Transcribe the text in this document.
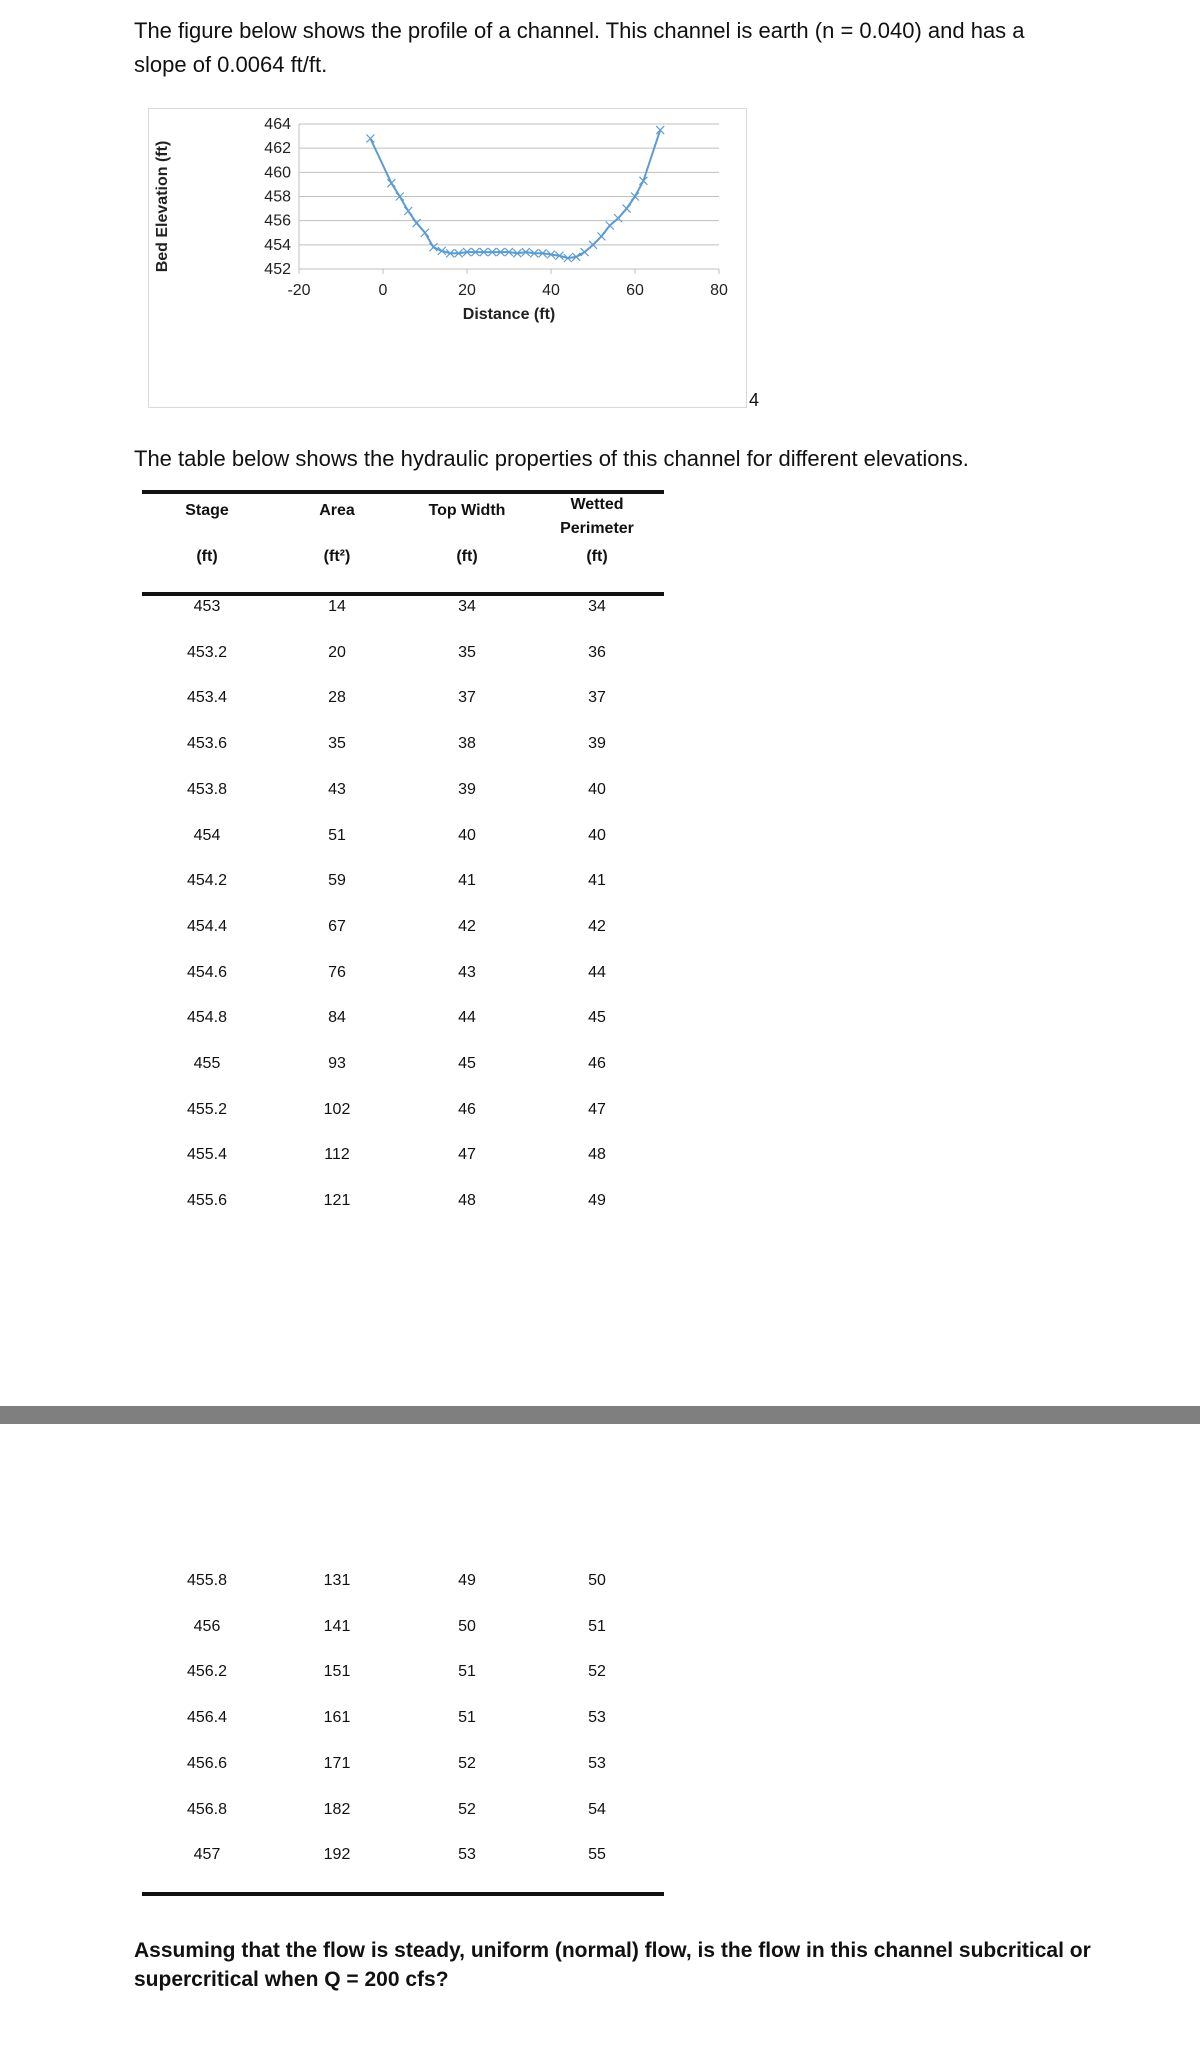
The figure below shows the profile of a channel. This channel is earth (n = 0.040) and has a slope of 0.0064 ft/ft.
452
454
456
458
460
462
464
-20	0	20	40	60	80
Distance (ft)
Bed Elevation (ft)
4
The table below shows the hydraulic properties of this channel for different elevations.
Stage	Area	Top Width	Wetted
Perimeter
(ft)	(ft²)	(ft)	(ft)
453	14	34	34
453.2	20	35	36
453.4	28	37	37
453.6	35	38	39
453.8	43	39	40
454	51	40	40
454.2	59	41	41
454.4	67	42	42
454.6	76	43	44
454.8	84	44	45
455	93	45	46
455.2	102	46	47
455.4	112	47	48
455.6	121	48	49
455.8	131	49	50
456	141	50	51
456.2	151	51	52
456.4	161	51	53
456.6	171	52	53
456.8	182	52	54
457	192	53	55
Assuming that the flow is steady, uniform (normal) flow, is the flow in this channel subcritical or supercritical when Q = 200 cfs?
